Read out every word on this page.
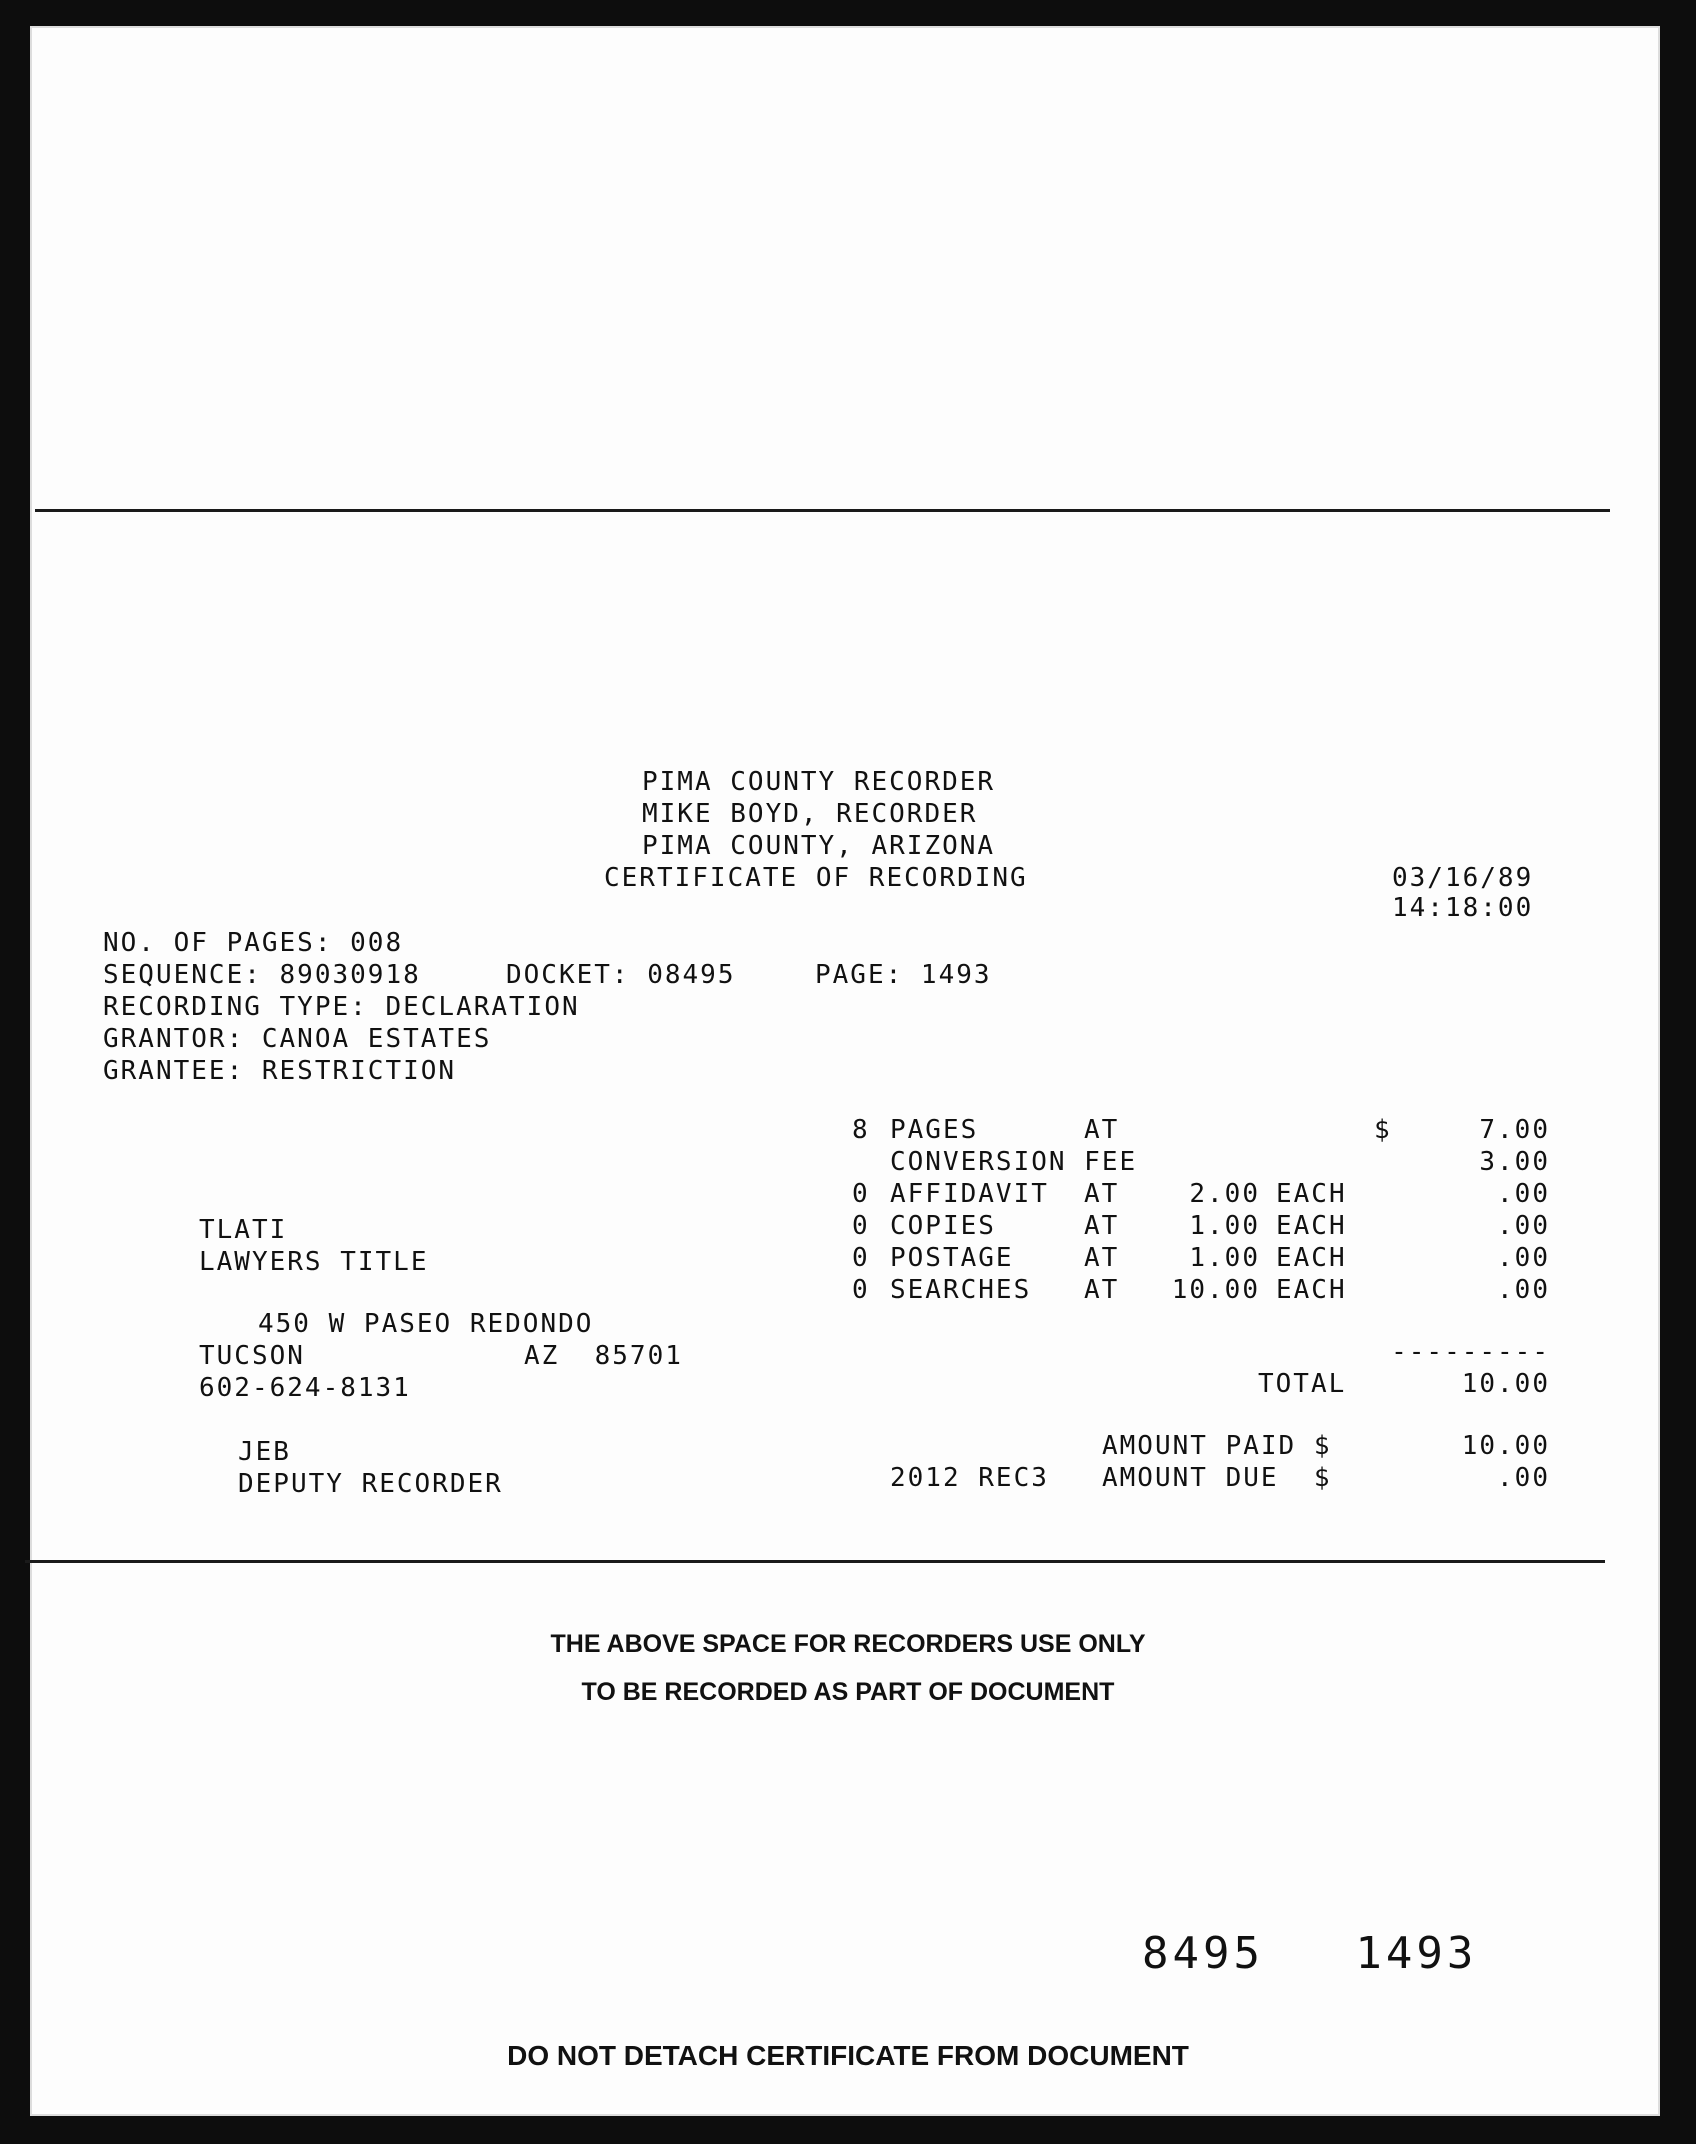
PIMA COUNTY RECORDER
MIKE BOYD, RECORDER
PIMA COUNTY, ARIZONA
CERTIFICATE OF RECORDING	03/16/89
14:18:00
NO. OF PAGES: 008
SEQUENCE: 89030918	DOCKET: 08495	PAGE: 1493
RECORDING TYPE: DECLARATION
GRANTOR: CANOA ESTATES
GRANTEE: RESTRICTION
8 PAGES	AT	$	7.00
CONVERSION FEE	3.00
0 AFFIDAVIT AT	2.00 EACH	.00
0 COPIES	AT	1.00 EACH	.00
0 POSTAGE	AT	1.00 EACH	.00
0 SEARCHES AT	10.00 EACH	.00
TLATI
LAWYERS TITLE
450 W PASEO REDONDO
TUCSON	AZ  85701
602-624-8131
---------
TOTAL	10.00
AMOUNT PAID $	10.00
2012 REC3 AMOUNT DUE  $	.00
JEB
DEPUTY RECORDER
THE ABOVE SPACE FOR RECORDERS USE ONLY
TO BE RECORDED AS PART OF DOCUMENT
8495   1493
DO NOT DETACH CERTIFICATE FROM DOCUMENT
